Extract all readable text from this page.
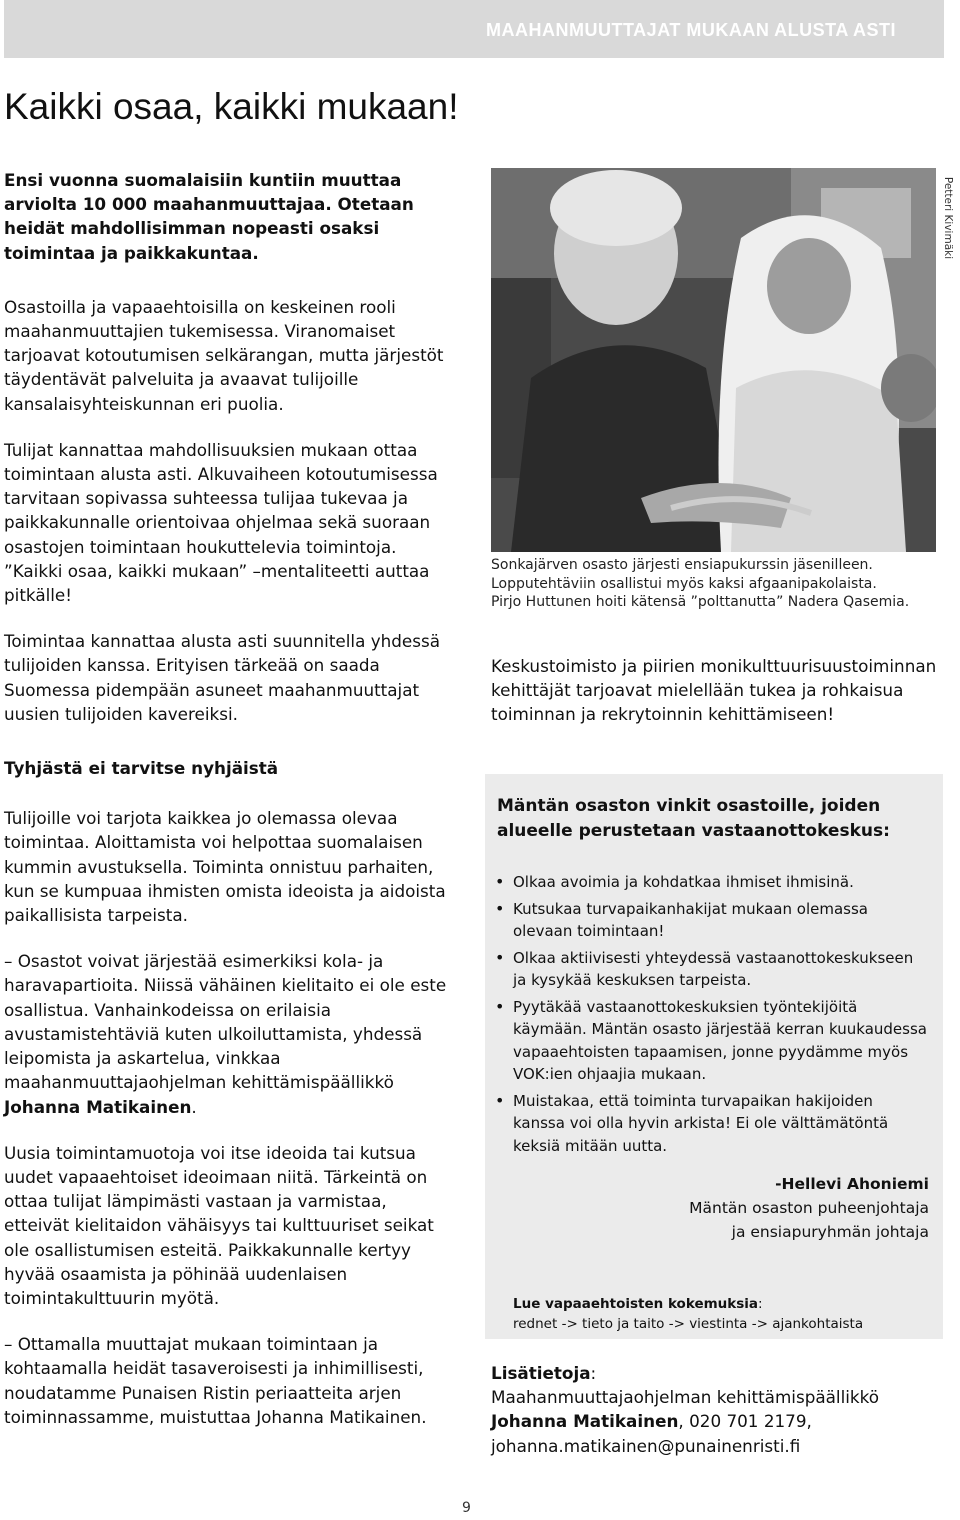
MAAHANMUUTTAJAT MUKAAN ALUSTA ASTI
Kaikki osaa, kaikki mukaan!

Ensi vuonna suomalaisiin kuntiin muuttaa arviolta 10 000 maahanmuuttajaa. Otetaan heidät mahdollisimman nopeasti osaksi toimintaa ja paikkakuntaa.

Osastoilla ja vapaaehtoisilla on keskeinen rooli maahanmuuttajien tukemisessa. Viranomaiset tarjoavat kotoutumisen selkärangan, mutta järjestöt täydentävät palveluita ja avaavat tulijoille kansalaisyhteiskunnan eri puolia.

Tulijat kannattaa mahdollisuuksien mukaan ottaa toimintaan alusta asti. Alkuvaiheen kotoutumisessa tarvitaan sopivassa suhteessa tulijaa tukevaa ja paikkakunnalle orientoivaa ohjelmaa sekä suoraan osastojen toimintaan houkuttelevia toimintoja. ”Kaikki osaa, kaikki mukaan” –mentaliteetti auttaa pitkälle!

Toimintaa kannattaa alusta asti suunnitella yhdessä tulijoiden kanssa. Erityisen tärkeää on saada Suomessa pidempään asuneet maahanmuuttajat uusien tulijoiden kavereiksi.

Tyhjästä ei tarvitse nyhjäistä

Tulijoille voi tarjota kaikkea jo olemassa olevaa toimintaa. Aloittamista voi helpottaa suomalaisen kummin avustuksella. Toiminta onnistuu parhaiten, kun se kumpuaa ihmisten omista ideoista ja aidoista paikallisista tarpeista.

– Osastot voivat järjestää esimerkiksi kola- ja haravapartioita. Niissä vähäinen kielitaito ei ole este osallistua. Vanhainkodeissa on erilaisia avustamistehtäviä kuten ulkoiluttamista, yhdessä leipomista ja askartelua, vinkkaa maahanmuuttajaohjelman kehittämispäällikkö Johanna Matikainen.

Uusia toimintamuotoja voi itse ideoida tai kutsua uudet vapaaehtoiset ideoimaan niitä. Tärkeintä on ottaa tulijat lämpimästi vastaan ja varmistaa, etteivät kielitaidon vähäisyys tai kulttuuriset seikat ole osallistumisen esteitä. Paikkakunnalle kertyy hyvää osaamista ja pöhinää uudenlaisen toimintakulttuurin myötä.

– Ottamalla muuttajat mukaan toimintaan ja kohtaamalla heidät tasaveroisesti ja inhimillisesti, noudatamme Punaisen Ristin periaatteita arjen toiminnassamme, muistuttaa Johanna Matikainen.

Petteri Kivimäki

Sonkajärven osasto järjesti ensiapukurssin jäsenilleen.

Lopputehtäviin osallistui myös kaksi afgaanipakolaista.

Pirjo Huttunen hoiti kätensä ”polttanutta” Nadera Qasemia.

Keskustoimisto ja piirien monikulttuurisuustoiminnan kehittäjät tarjoavat mielellään tukea ja rohkaisua toiminnan ja rekrytoinnin kehittämiseen!

Mäntän osaston vinkit osastoille, joiden alueelle perustetaan vastaanottokeskus:

• Olkaa avoimia ja kohdatkaa ihmiset ihmisinä.
• Kutsukaa turvapaikanhakijat mukaan olemassa olevaan toimintaan!
• Olkaa aktiivisesti yhteydessä vastaanottokeskukseen ja kysykää keskuksen tarpeista.
• Pyytäkää vastaanottokeskuksien työntekijöitä käymään. Mäntän osasto järjestää kerran kuukaudessa vapaaehtoisten tapaamisen, jonne pyydämme myös VOK:ien ohjaajia mukaan.
• Muistakaa, että toiminta turvapaikan hakijoiden kanssa voi olla hyvin arkista! Ei ole välttämätöntä keksiä mitään uutta.

-Hellevi Ahoniemi

Mäntän osaston puheenjohtaja

ja ensiapuryhmän johtaja

Lue vapaaehtoisten kokemuksia:

rednet -> tieto ja taito -> viestinta -> ajankohtaista

Lisätietoja:

Maahanmuuttajaohjelman kehittämispäällikkö

Johanna Matikainen, 020 701 2179,

johanna.matikainen@punainenristi.fi

9
